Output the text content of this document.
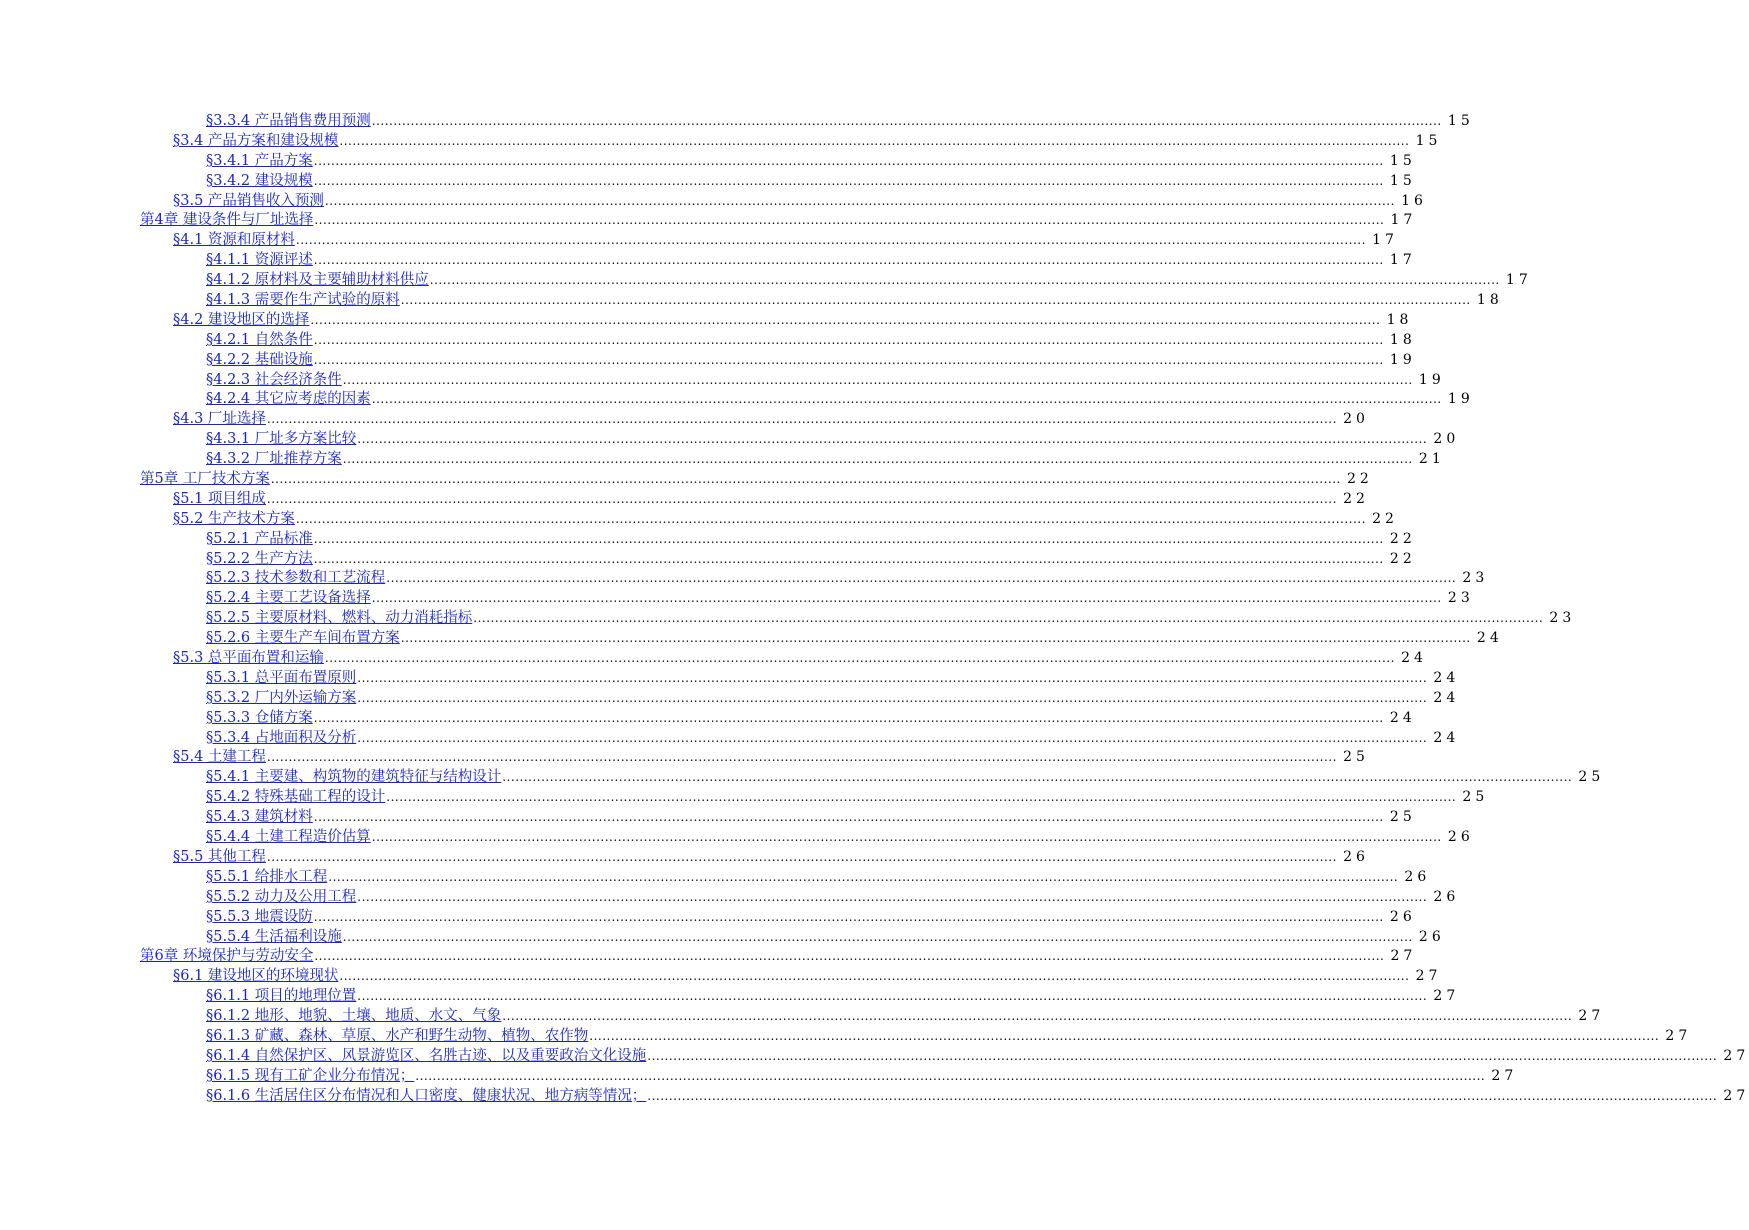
§3.3.4 产品销售费用预测 .....	15
§3.4 产品方案和建设规模 .....	15
§3.4.1 产品方案 .....	15
§3.4.2 建设规模 .....	15
§3.5 产品销售收入预测 .....	16
第4章 建设条件与厂址选择 .....	17
§4.1 资源和原材料 .....	17
§4.1.1 资源评述 .....	17
§4.1.2 原材料及主要辅助材料供应 .....	17
§4.1.3 需要作生产试验的原料 .....	18
§4.2 建设地区的选择 .....	18
§4.2.1 自然条件 .....	18
§4.2.2 基础设施 .....	19
§4.2.3 社会经济条件 .....	19
§4.2.4 其它应考虑的因素 .....	19
§4.3 厂址选择 .....	20
§4.3.1 厂址多方案比较 .....	20
§4.3.2 厂址推荐方案 .....	21
第5章 工厂技术方案 .....	22
§5.1 项目组成 .....	22
§5.2 生产技术方案 .....	22
§5.2.1 产品标准 .....	22
§5.2.2 生产方法 .....	22
§5.2.3 技术参数和工艺流程 .....	23
§5.2.4 主要工艺设备选择 .....	23
§5.2.5 主要原材料、燃料、动力消耗指标 .....	23
§5.2.6 主要生产车间布置方案 .....	24
§5.3 总平面布置和运输 .....	24
§5.3.1 总平面布置原则 .....	24
§5.3.2 厂内外运输方案 .....	24
§5.3.3 仓储方案 .....	24
§5.3.4 占地面积及分析 .....	24
§5.4 土建工程 .....	25
§5.4.1 主要建、构筑物的建筑特征与结构设计 .....	25
§5.4.2 特殊基础工程的设计 .....	25
§5.4.3 建筑材料 .....	25
§5.4.4 土建工程造价估算 .....	26
§5.5 其他工程 .....	26
§5.5.1 给排水工程 .....	26
§5.5.2 动力及公用工程 .....	26
§5.5.3 地震设防 .....	26
§5.5.4 生活福利设施 .....	26
第6章 环境保护与劳动安全 .....	27
§6.1 建设地区的环境现状 .....	27
§6.1.1 项目的地理位置 .....	27
§6.1.2 地形、地貌、土壤、地质、水文、气象 .....	27
§6.1.3 矿藏、森林、草原、水产和野生动物、植物、农作物 .....	27
§6.1.4 自然保护区、风景游览区、名胜古迹、以及重要政治文化设施 .....	27
§6.1.5 现有工矿企业分布情况； .....	27
§6.1.6 生活居住区分布情况和人口密度、健康状况、地方病等情况； .....	27
